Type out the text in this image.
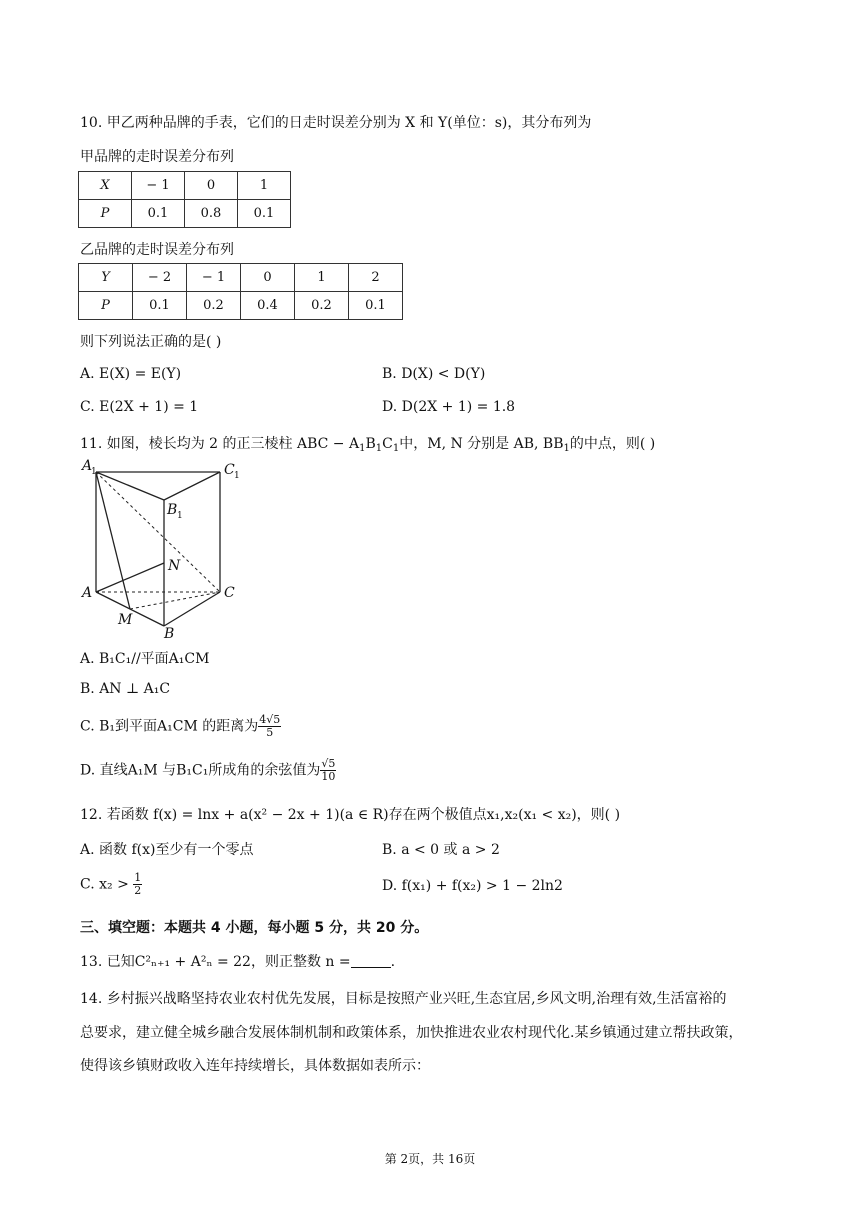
10. 甲乙两种品牌的手表，它们的日走时误差分别为 X 和 Y(单位：s)，其分布列为
甲品牌的走时误差分布列
X	− 1	0	1
P	0.1	0.8	0.1
乙品牌的走时误差分布列
Y	− 2	− 1	0	1	2
P	0.1	0.2	0.4	0.2	0.1
则下列说法正确的是( )
A. E(X) = E(Y)	B. D(X) < D(Y)
C. E(2X + 1) = 1	D. D(2X + 1) = 1.8
11. 如图，棱长均为 2 的正三棱柱 ABC − $A_1B_1C_1$中，M, N 分别是 AB, $BB_1$的中点，则( )
A
1	C 1
B 1
N
A	C
M
B
A. B₁C₁//平面A₁CM
B. AN ⊥ A₁C
C. B₁到平面A₁CM 的距离为 $\frac{4√5}{5}$
D. 直线A₁M 与B₁C₁所成角的余弦值为 $\frac{√5}{10}$
12. 若函数 f(x) = lnx + a(x² − 2x + 1)(a ∈ R)存在两个极值点x₁,x₂(x₁ < x₂)，则( )
A. 函数 f(x)至少有一个零点	B. a < 0 或 a > 2
C. $x_2 > \frac{1}{2}$	D. f(x₁) + f(x₂) > 1 − 2ln2
三、填空题：本题共 4 小题，每小题 5 分，共 20 分。
13. 已知C²ₙ₊₁ + A²ₙ = 22，则正整数 n =	.
14. 乡村振兴战略坚持农业农村优先发展，目标是按照产业兴旺,生态宜居,乡风文明,治理有效,生活富裕的
总要求，建立健全城乡融合发展体制机制和政策体系，加快推进农业农村现代化.某乡镇通过建立帮扶政策，
使得该乡镇财政收入连年持续增长，具体数据如表所示：
第 2页，共 16页
